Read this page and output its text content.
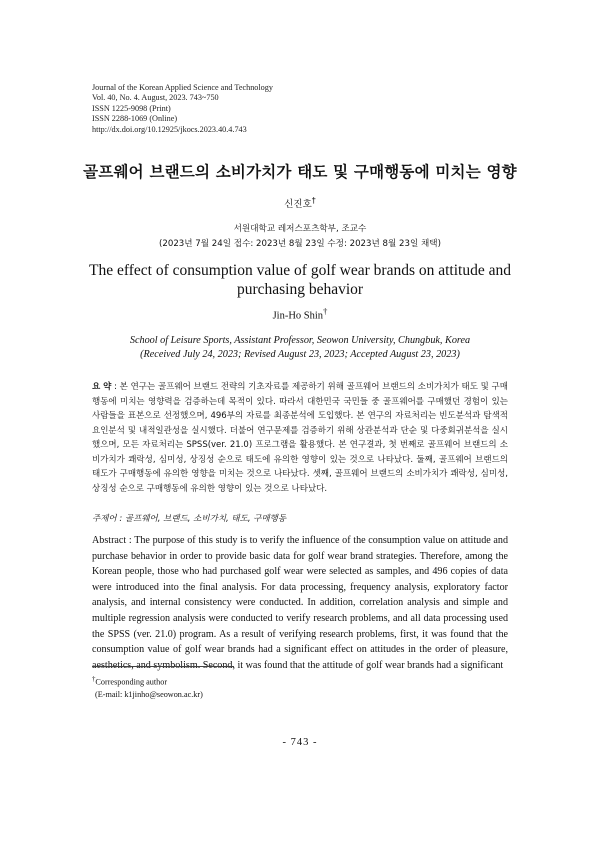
Journal of the Korean Applied Science and Technology
Vol. 40, No. 4. August, 2023. 743~750
ISSN 1225-9098 (Print)
ISSN 2288-1069 (Online)
http://dx.doi.org/10.12925/jkocs.2023.40.4.743
골프웨어 브랜드의 소비가치가 태도 및 구매행동에 미치는 영향
신진호†
서원대학교 레저스포츠학부, 조교수
(2023년 7월 24일 접수: 2023년 8월 23일 수정: 2023년 8월 23일 채택)
The effect of consumption value of golf wear brands on attitude and purchasing behavior
Jin-Ho Shin†
School of Leisure Sports, Assistant Professor, Seowon University, Chungbuk, Korea
(Received July 24, 2023; Revised August 23, 2023; Accepted August 23, 2023)
요 약 : 본 연구는 골프웨어 브랜드 전략의 기초자료를 제공하기 위해 골프웨어 브랜드의 소비가치가 태도 및 구매행동에 미치는 영향력을 검증하는데 목적이 있다. 따라서 대한민국 국민들 중 골프웨어를 구매했던 경험이 있는 사람들을 표본으로 선정했으며, 496부의 자료를 최종분석에 도입했다. 본 연구의 자료처리는 빈도분석과 탐색적 요인분석 및 내적일관성을 실시했다. 더불어 연구문제를 검증하기 위해 상관분석과 단순 및 다중회귀분석을 실시했으며, 모든 자료처리는 SPSS(ver. 21.0) 프로그램을 활용했다. 본 연구결과, 첫 번째로 골프웨어 브랜드의 소비가치가 쾌락성, 심미성, 상징성 순으로 태도에 유의한 영향이 있는 것으로 나타났다. 둘째, 골프웨어 브랜드의 태도가 구매행동에 유의한 영향을 미치는 것으로 나타났다. 셋째, 골프웨어 브랜드의 소비가치가 쾌락성, 심미성, 상징성 순으로 구매행동에 유의한 영향이 있는 것으로 나타났다.
주제어 : 골프웨어, 브랜드, 소비가치, 태도, 구매행동
Abstract : The purpose of this study is to verify the influence of the consumption value on attitude and purchase behavior in order to provide basic data for golf wear brand strategies. Therefore, among the Korean people, those who had purchased golf wear were selected as samples, and 496 copies of data were introduced into the final analysis. For data processing, frequency analysis, exploratory factor analysis, and internal consistency were conducted. In addition, correlation analysis and simple and multiple regression analysis were conducted to verify research problems, and all data processing used the SPSS (ver. 21.0) program. As a result of verifying research problems, first, it was found that the consumption value of golf wear brands had a significant effect on attitudes in the order of pleasure, aesthetics, and symbolism. Second, it was found that the attitude of golf wear brands had a significant
†Corresponding author
(E-mail: k1jinho@seowon.ac.kr)
- 743 -
